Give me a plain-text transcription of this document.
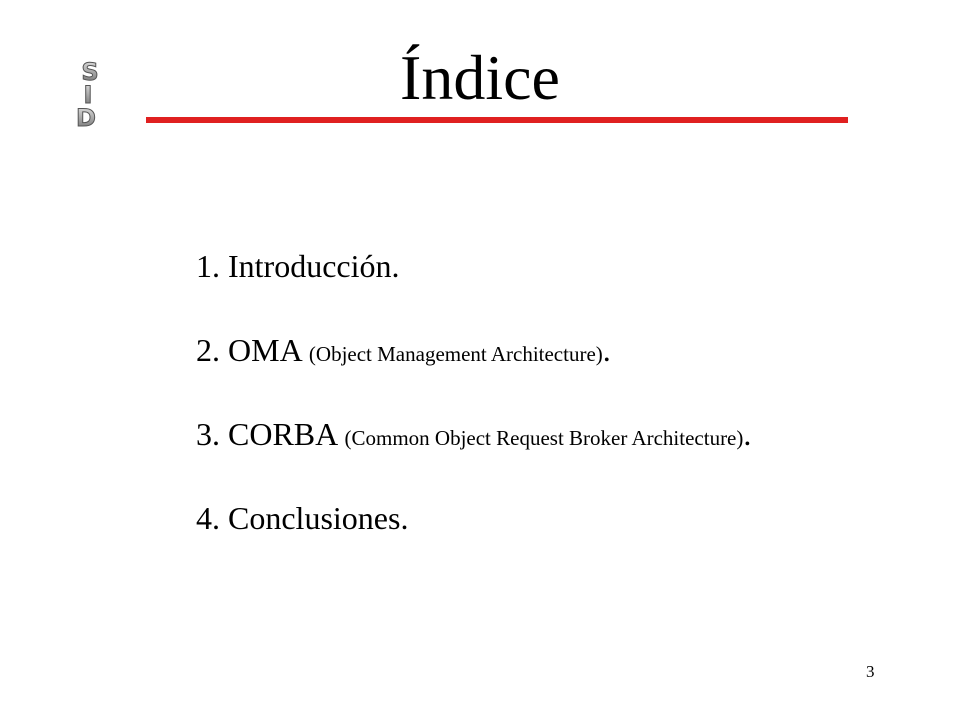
S
I
D
Índice
1. Introducción.
2. OMA (Object Management Architecture).
3. CORBA (Common Object Request Broker Architecture).
4. Conclusiones.
3
